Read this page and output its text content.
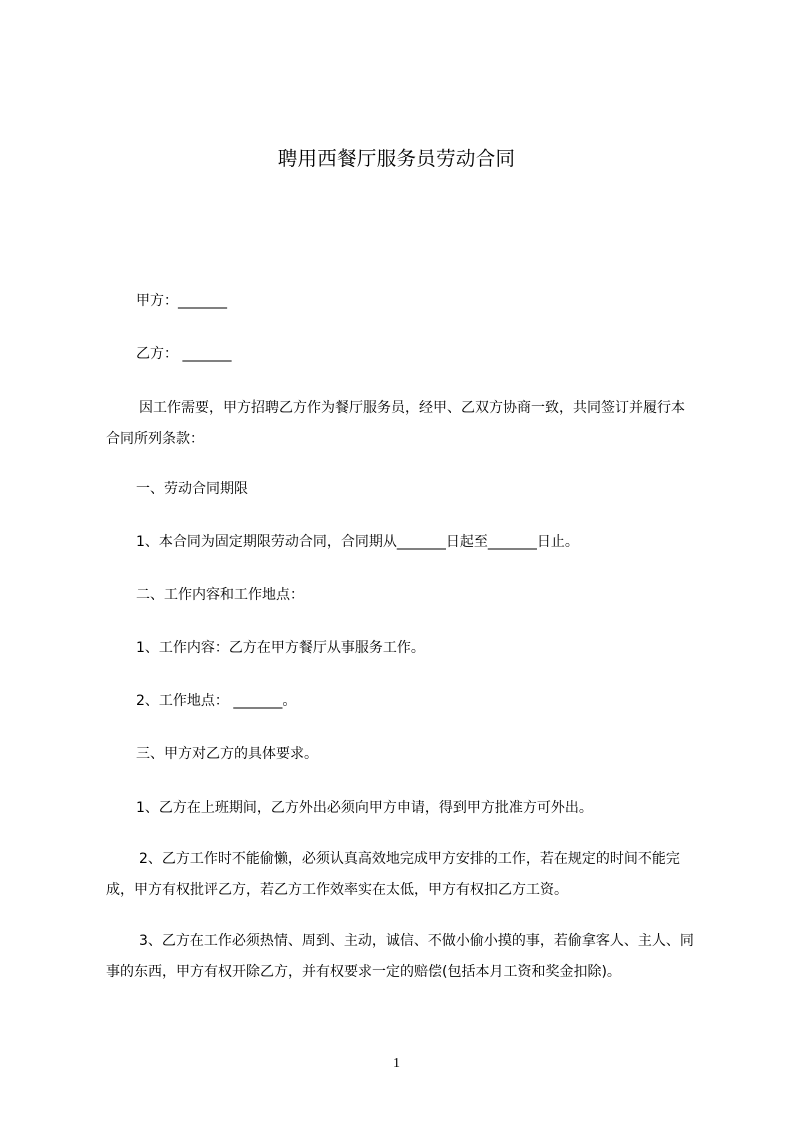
聘用西餐厅服务员劳动合同
甲方：_______
乙方： _______
因工作需要，甲方招聘乙方作为餐厅服务员，经甲、乙双方协商一致，共同签订并履行本合同所列条款：
一、劳动合同期限
1、本合同为固定期限劳动合同，合同期从_______日起至_______日止。
二、工作内容和工作地点：
1、工作内容：乙方在甲方餐厅从事服务工作。
2、工作地点： _______。
三、甲方对乙方的具体要求。
1、乙方在上班期间，乙方外出必须向甲方申请，得到甲方批准方可外出。
2、乙方工作时不能偷懒，必须认真高效地完成甲方安排的工作，若在规定的时间不能完成，甲方有权批评乙方，若乙方工作效率实在太低，甲方有权扣乙方工资。
3、乙方在工作必须热情、周到、主动，诚信、不做小偷小摸的事，若偷拿客人、主人、同事的东西，甲方有权开除乙方，并有权要求一定的赔偿(包括本月工资和奖金扣除)。
1
